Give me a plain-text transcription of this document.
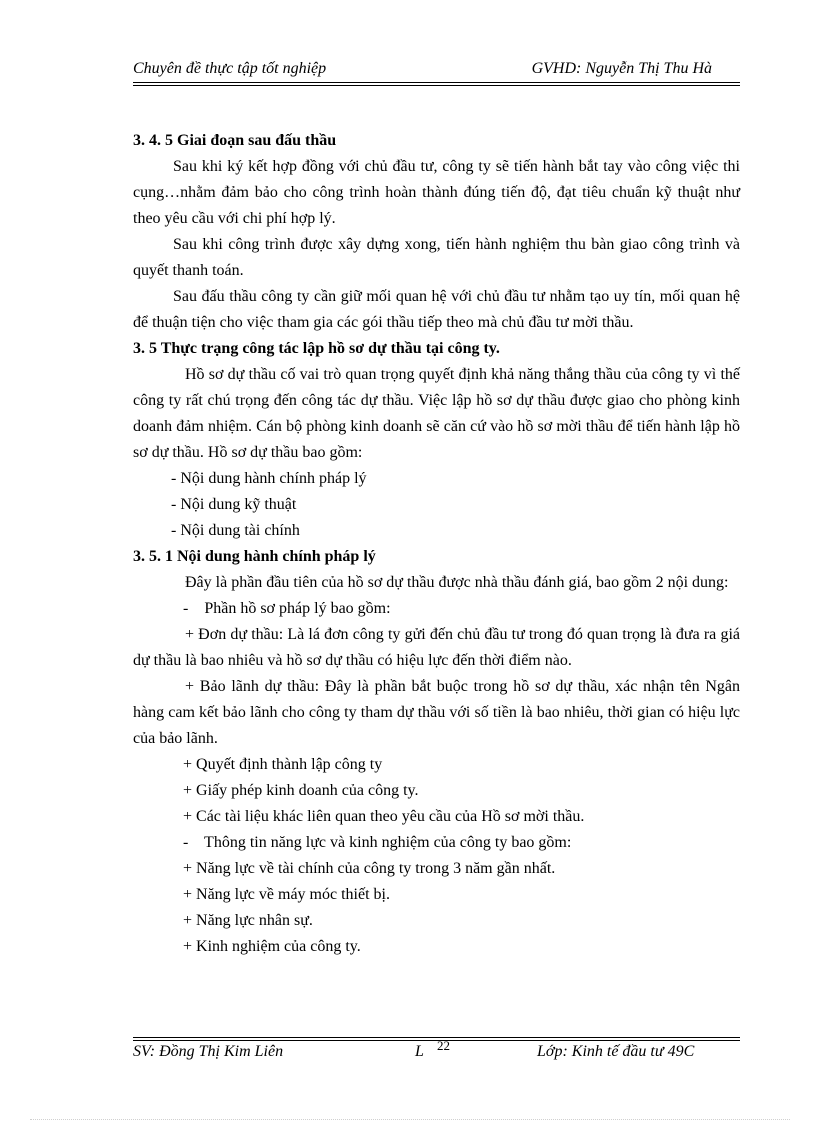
Chuyên đề thực tập tốt nghiệp	GVHD: Nguyễn Thị Thu Hà

3. 4. 5 Giai đoạn sau đấu thầu

Sau khi ký kết hợp đồng với chủ đầu tư, công ty sẽ tiến hành bắt tay vào công việc thi cụng…nhằm đảm bảo cho công trình hoàn thành đúng tiến độ, đạt tiêu chuẩn kỹ thuật như theo yêu cầu với chi phí hợp lý.

Sau khi công trình được xây dựng xong, tiến hành nghiệm thu bàn giao công trình và quyết thanh toán.

Sau đấu thầu công ty cần giữ mối quan hệ với chủ đầu tư nhằm tạo uy tín, mối quan hệ để thuận tiện cho việc tham gia các gói thầu tiếp theo mà chủ đầu tư mời thầu.

3. 5 Thực trạng công tác lập hồ sơ dự thầu tại công ty.

Hồ sơ dự thầu cố vai trò quan trọng quyết định khả năng thắng thầu của công ty vì thế công ty rất chú trọng đến công tác dự thầu. Việc lập hồ sơ dự thầu được giao cho phòng kinh doanh đảm nhiệm. Cán bộ phòng kinh doanh sẽ căn cứ vào hồ sơ mời thầu để tiến hành lập hồ sơ dự thầu. Hồ sơ dự thầu bao gồm:

- Nội dung hành chính pháp lý

- Nội dung kỹ thuật

- Nội dung tài chính

3. 5. 1 Nội dung hành chính pháp lý

Đây là phần đầu tiên của hồ sơ dự thầu được nhà thầu đánh giá, bao gồm 2 nội dung:

-    Phần hồ sơ pháp lý bao gồm:

+ Đơn dự thầu: Là lá đơn công ty gửi đến chủ đầu tư trong đó quan trọng là đưa ra giá dự thầu là bao nhiêu và hồ sơ dự thầu có hiệu lực đến thời điểm nào.

+ Bảo lãnh dự thầu: Đây là phần bắt buộc trong hồ sơ dự thầu, xác nhận tên Ngân hàng cam kết bảo lãnh cho công ty tham dự thầu với số tiền là bao nhiêu, thời gian có hiệu lực của bảo lãnh.

+ Quyết định thành lập công ty

+ Giấy phép kinh doanh của công ty.

+ Các tài liệu khác liên quan theo yêu cầu của Hồ sơ mời thầu.

-    Thông tin năng lực và kinh nghiệm của công ty bao gồm:

+ Năng lực về tài chính của công ty trong 3 năm gần nhất.

+ Năng lực về máy móc thiết bị.

+ Năng lực nhân sự.

+ Kinh nghiệm của công ty.

SV: Đồng Thị Kim Liên	L 22	Lớp: Kinh tế đầu tư 49C
